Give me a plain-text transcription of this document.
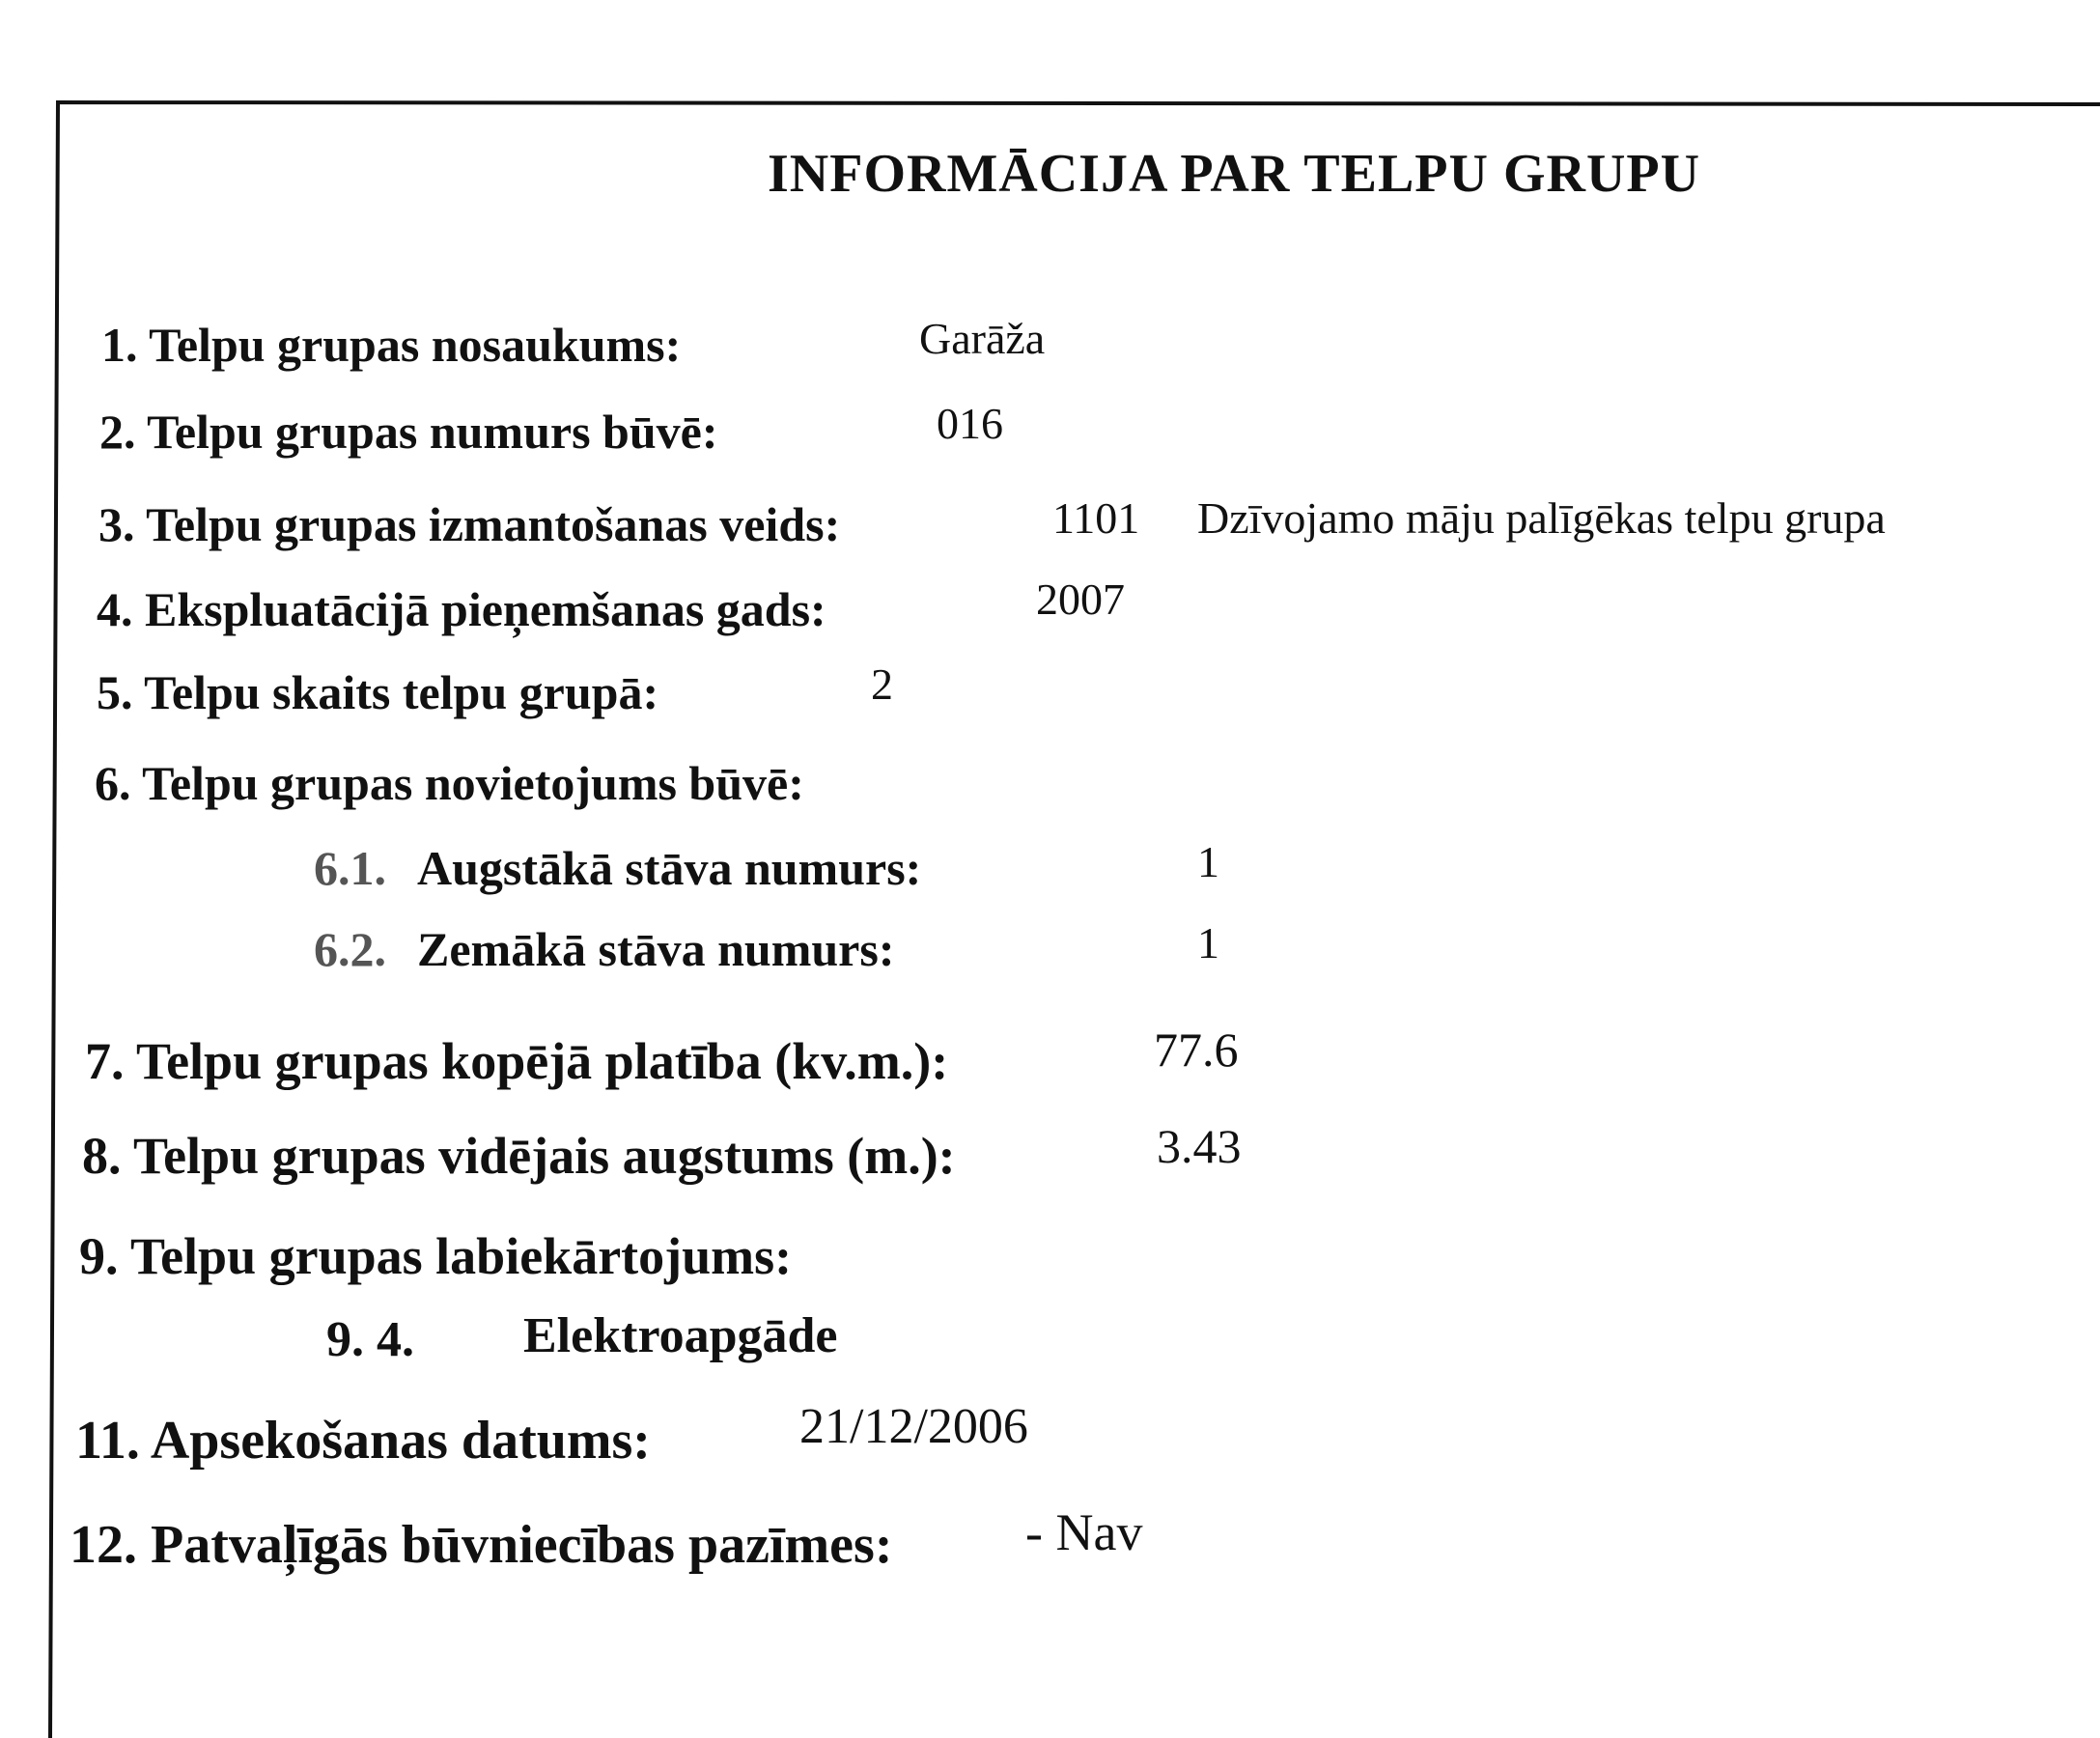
INFORMĀCIJA PAR TELPU GRUPU
1. Telpu grupas nosaukums:	Garāža
2. Telpu grupas numurs būvē:	016
3. Telpu grupas izmantošanas veids:	1101 Dzīvojamo māju palīgēkas telpu grupa
4. Ekspluatācijā pieņemšanas gads:	2007
5. Telpu skaits telpu grupā:	2
6. Telpu grupas novietojums būvē:
6.1. Augstākā stāva numurs:	1
6.2. Zemākā stāva numurs:	1
7. Telpu grupas kopējā platība (kv.m.):	77.6
8. Telpu grupas vidējais augstums (m.):	3.43
9. Telpu grupas labiekārtojums:
9. 4. Elektroapgāde
11. Apsekošanas datums:	21/12/2006
12. Patvaļīgās būvniecības pazīmes:	- Nav
